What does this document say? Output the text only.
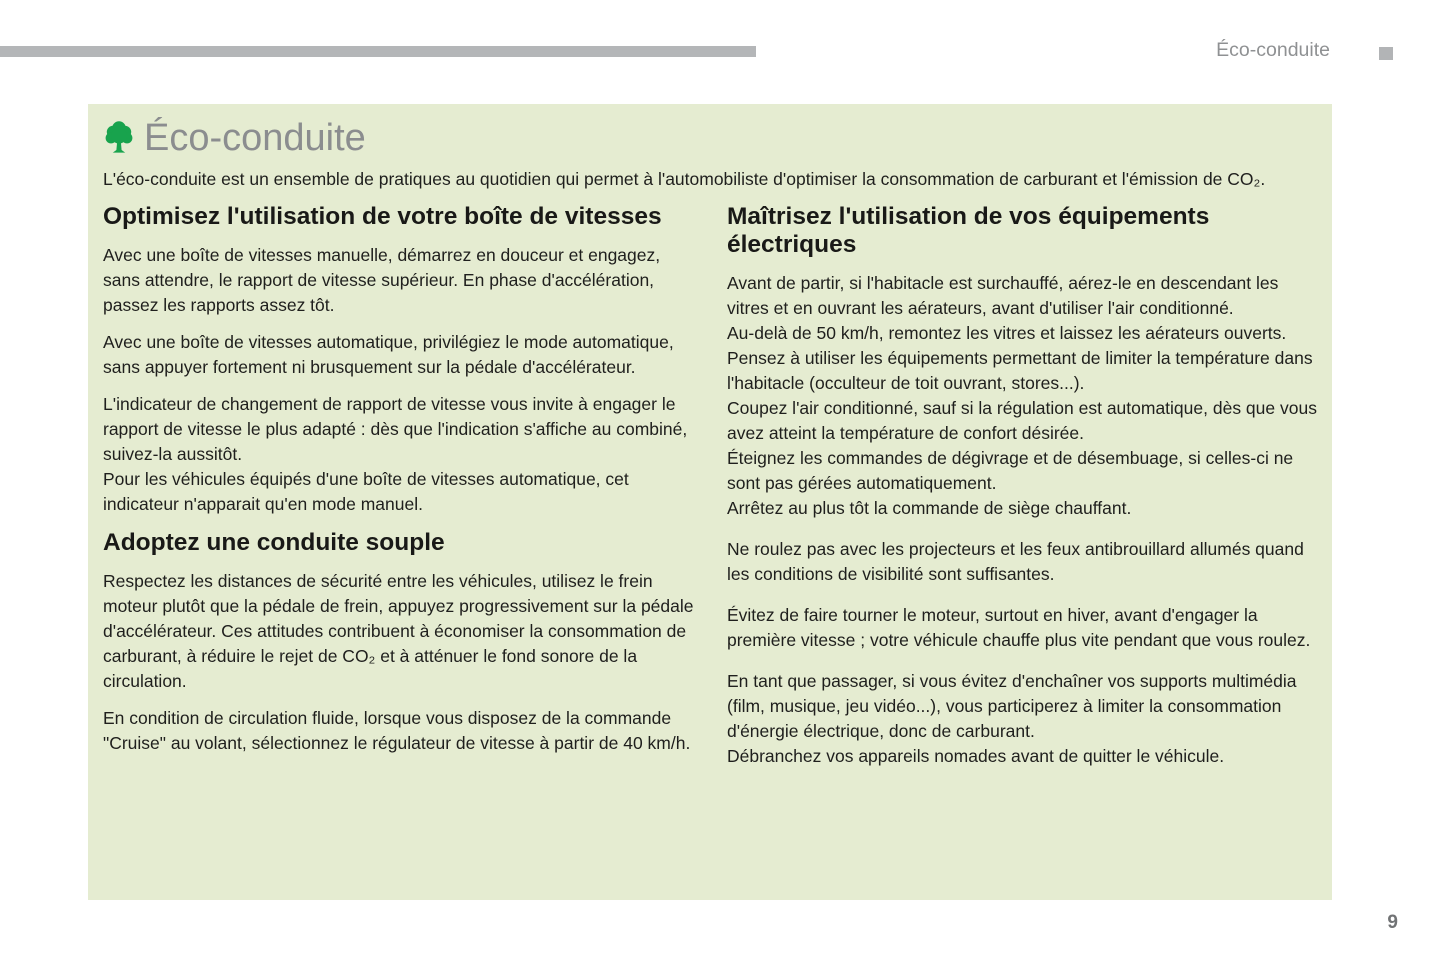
Éco-conduite
Éco-conduite

L'éco-conduite est un ensemble de pratiques au quotidien qui permet à l'automobiliste d'optimiser la consommation de carburant et l'émission de CO₂.

Optimisez l'utilisation de votre boîte de vitesses

Avec une boîte de vitesses manuelle, démarrez en douceur et engagez, sans attendre, le rapport de vitesse supérieur. En phase d'accélération, passez les rapports assez tôt.

Avec une boîte de vitesses automatique, privilégiez le mode automatique, sans appuyer fortement ni brusquement sur la pédale d'accélérateur.

L'indicateur de changement de rapport de vitesse vous invite à engager le rapport de vitesse le plus adapté : dès que l'indication s'affiche au combiné, suivez-la aussitôt.
Pour les véhicules équipés d'une boîte de vitesses automatique, cet indicateur n'apparait qu'en mode manuel.

Adoptez une conduite souple

Respectez les distances de sécurité entre les véhicules, utilisez le frein moteur plutôt que la pédale de frein, appuyez progressivement sur la pédale d'accélérateur. Ces attitudes contribuent à économiser la consommation de carburant, à réduire le rejet de CO₂ et à atténuer le fond sonore de la circulation.

En condition de circulation fluide, lorsque vous disposez de la commande "Cruise" au volant, sélectionnez le régulateur de vitesse à partir de 40 km/h.

Maîtrisez l'utilisation de vos équipements électriques

Avant de partir, si l'habitacle est surchauffé, aérez-le en descendant les vitres et en ouvrant les aérateurs, avant d'utiliser l'air conditionné.
Au-delà de 50 km/h, remontez les vitres et laissez les aérateurs ouverts.
Pensez à utiliser les équipements permettant de limiter la température dans l'habitacle (occulteur de toit ouvrant, stores...).
Coupez l'air conditionné, sauf si la régulation est automatique, dès que vous avez atteint la température de confort désirée.
Éteignez les commandes de dégivrage et de désembuage, si celles-ci ne sont pas gérées automatiquement.
Arrêtez au plus tôt la commande de siège chauffant.

Ne roulez pas avec les projecteurs et les feux antibrouillard allumés quand les conditions de visibilité sont suffisantes.

Évitez de faire tourner le moteur, surtout en hiver, avant d'engager la première vitesse ; votre véhicule chauffe plus vite pendant que vous roulez.

En tant que passager, si vous évitez d'enchaîner vos supports multimédia (film, musique, jeu vidéo...), vous participerez à limiter la consommation d'énergie électrique, donc de carburant.
Débranchez vos appareils nomades avant de quitter le véhicule.

9
